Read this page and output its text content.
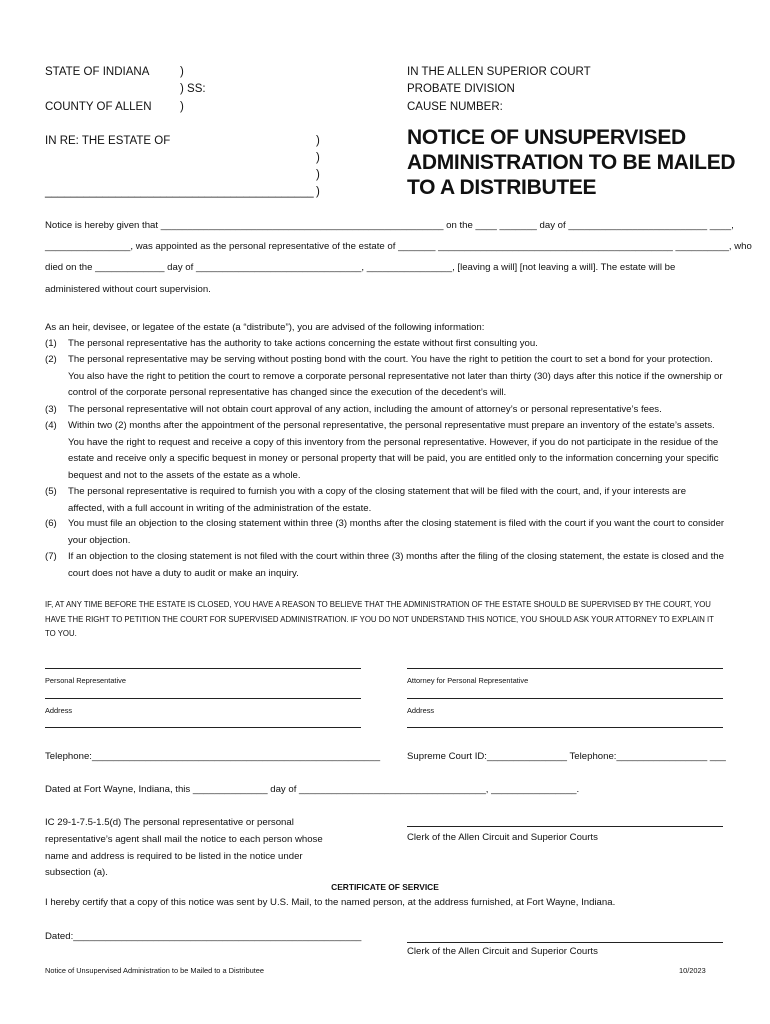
STATE OF INDIANA	)
) SS:
COUNTY OF ALLEN )
IN THE ALLEN SUPERIOR COURT
PROBATE DIVISION
CAUSE NUMBER:
IN RE: THE ESTATE OF	)
)
)
__________________________________________ )
NOTICE OF UNSUPERVISED ADMINISTRATION TO BE MAILED TO A DISTRIBUTEE
Notice is hereby given that _____________________________________________________ on the ____ _______ day of __________________________ ____,
________________, was appointed as the personal representative of the estate of _______ ____________________________________________ __________, who
died on the _____________ day of _______________________________, ________________, [leaving a will] [not leaving a will]. The estate will be
administered without court supervision.
As an heir, devisee, or legatee of the estate (a “distribute”), you are advised of the following information:
(1) The personal representative has the authority to take actions concerning the estate without first consulting you.
(2) The personal representative may be serving without posting bond with the court. You have the right to petition the court to set a bond for your protection. You also have the right to petition the court to remove a corporate personal representative not later than thirty (30) days after this notice if the ownership or control of the corporate personal representative has changed since the execution of the decedent’s will.
(3) The personal representative will not obtain court approval of any action, including the amount of attorney’s or personal representative’s fees.
(4) Within two (2) months after the appointment of the personal representative, the personal representative must prepare an inventory of the estate’s assets. You have the right to request and receive a copy of this inventory from the personal representative. However, if you do not participate in the residue of the estate and receive only a specific bequest in money or personal property that will be paid, you are entitled only to the information concerning your specific bequest and not to the assets of the estate as a whole.
(5) The personal representative is required to furnish you with a copy of the closing statement that will be filed with the court, and, if your interests are affected, with a full account in writing of the administration of the estate.
(6) You must file an objection to the closing statement within three (3) months after the closing statement is filed with the court if you want the court to consider your objection.
(7) If an objection to the closing statement is not filed with the court within three (3) months after the filing of the closing statement, the estate is closed and the court does not have a duty to audit or make an inquiry.
IF, AT ANY TIME BEFORE THE ESTATE IS CLOSED, YOU HAVE A REASON TO BELIEVE THAT THE ADMINISTRATION OF THE ESTATE SHOULD BE SUPERVISED BY THE COURT, YOU HAVE THE RIGHT TO PETITION THE COURT FOR SUPERVISED ADMINISTRATION. IF YOU DO NOT UNDERSTAND THIS NOTICE, YOU SHOULD ASK YOUR ATTORNEY TO EXPLAIN IT TO YOU.
Personal Representative	Attorney for Personal Representative
Address	Address
Telephone:______________________________________________________	Supreme Court ID:_______________ Telephone:_________________ ___
Dated at Fort Wayne, Indiana, this ______________ day of ___________________________________, ________________.
IC 29-1-7.5-1.5(d) The personal representative or personal representative’s agent shall mail the notice to each person whose name and address is required to be listed in the notice under subsection (a).
Clerk of the Allen Circuit and Superior Courts
CERTIFICATE OF SERVICE
I hereby certify that a copy of this notice was sent by U.S. Mail, to the named person, at the address furnished, at Fort Wayne, Indiana.
Dated:______________________________________________________
Clerk of the Allen Circuit and Superior Courts
Notice of Unsupervised Administration to be Mailed to a Distributee	10/2023
